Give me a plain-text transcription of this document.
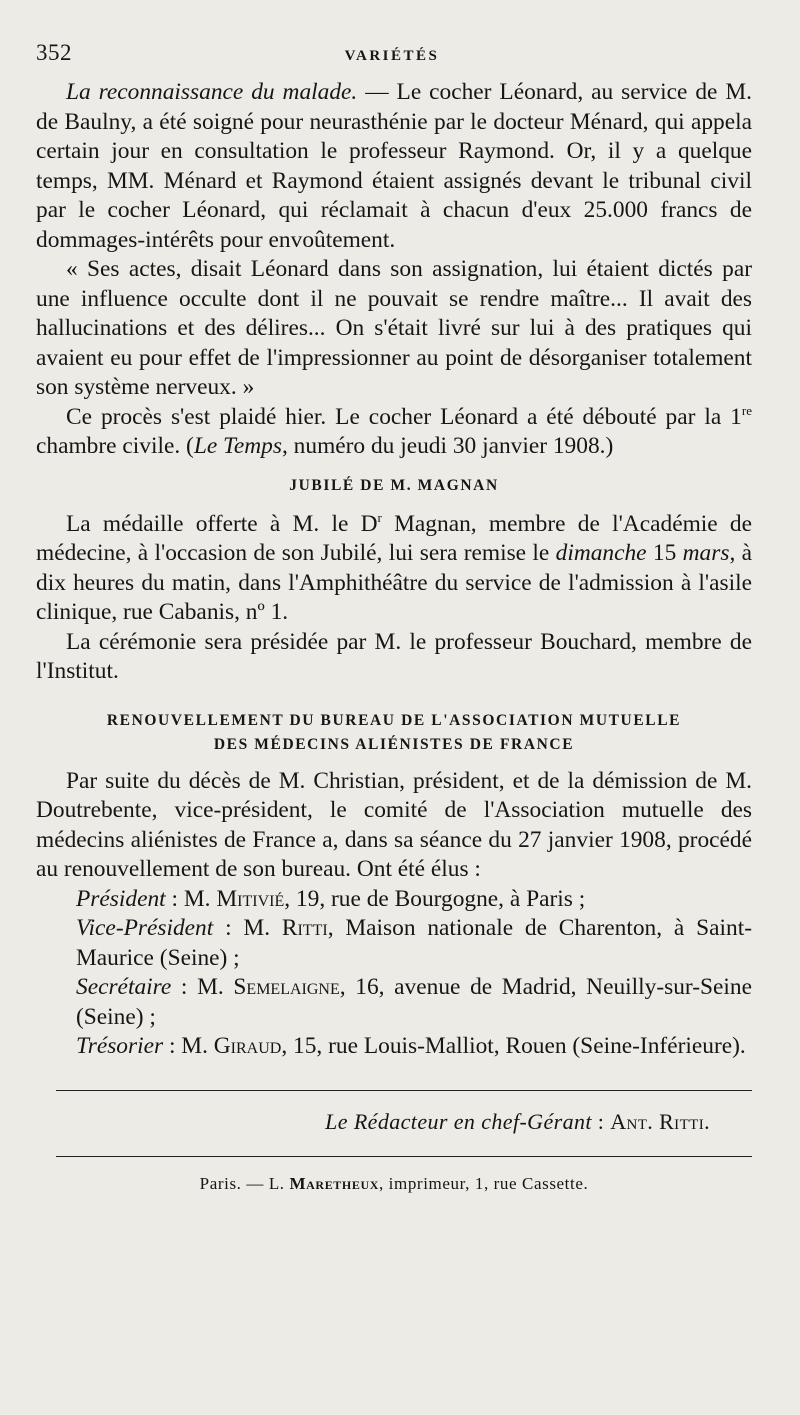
352	VARIÉTÉS

La reconnaissance du malade. — Le cocher Léonard, au service de M. de Baulny, a été soigné pour neurasthénie par le docteur Ménard, qui appela certain jour en consultation le professeur Raymond. Or, il y a quelque temps, MM. Ménard et Raymond étaient assignés devant le tribunal civil par le cocher Léonard, qui réclamait à chacun d'eux 25.000 francs de dommages-intérêts pour envoûtement.

« Ses actes, disait Léonard dans son assignation, lui étaient dictés par une influence occulte dont il ne pouvait se rendre maître... Il avait des hallucinations et des délires... On s'était livré sur lui à des pratiques qui avaient eu pour effet de l'impressionner au point de désorganiser totalement son système nerveux. »

Ce procès s'est plaidé hier. Le cocher Léonard a été débouté par la 1re chambre civile. (Le Temps, numéro du jeudi 30 janvier 1908.)

JUBILÉ DE M. MAGNAN

La médaille offerte à M. le $D^r$ Magnan, membre de l'Académie de médecine, à l'occasion de son Jubilé, lui sera remise le dimanche 15 mars, à dix heures du matin, dans l'Amphithéâtre du service de l'admission à l'asile clinique, rue Cabanis, nº 1.

La cérémonie sera présidée par M. le professeur Bouchard, membre de l'Institut.

RENOUVELLEMENT DU BUREAU DE L'ASSOCIATION MUTUELLE
DES MÉDECINS ALIÉNISTES DE FRANCE

Par suite du décès de M. Christian, président, et de la démission de M. Doutrebente, vice-président, le comité de l'Association mutuelle des médecins aliénistes de France a, dans sa séance du 27 janvier 1908, procédé au renouvellement de son bureau. Ont été élus :

Président : M. Mitivié, 19, rue de Bourgogne, à Paris ;

Vice-Président : M. Ritti, Maison nationale de Charenton, à Saint-Maurice (Seine) ;

Secrétaire : M. Semelaigne, 16, avenue de Madrid, Neuilly-sur-Seine (Seine) ;

Trésorier : M. Giraud, 15, rue Louis-Malliot, Rouen (Seine-Inférieure).

Le Rédacteur en chef-Gérant : Ant. Ritti.
Paris. — L. Maretheux, imprimeur, 1, rue Cassette.
